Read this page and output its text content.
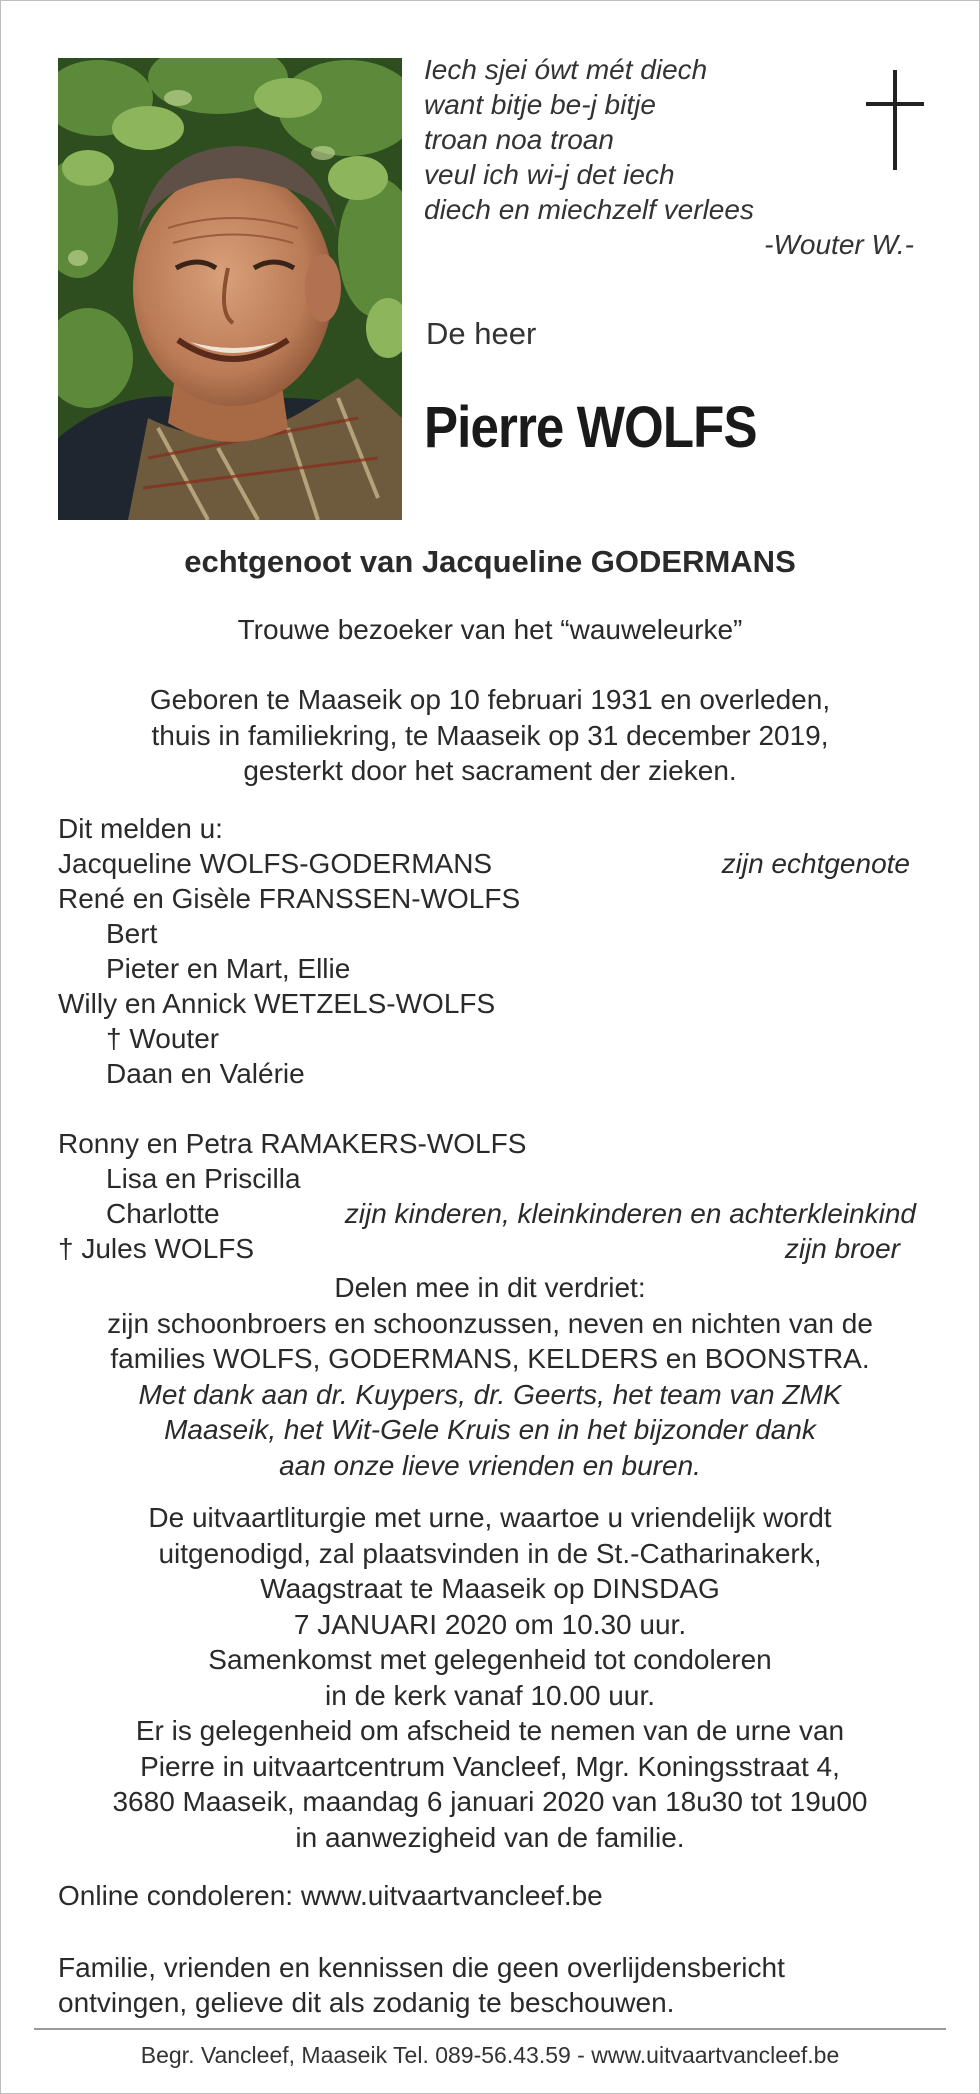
Iech sjei ówt mét diech
want bitje be-j bitje
troan noa troan
veul ich wi-j det iech
diech en miechzelf verlees
-Wouter W.-
De heer
Pierre WOLFS
echtgenoot van Jacqueline GODERMANS
Trouwe bezoeker van het “wauweleurke”
Geboren te Maaseik op 10 februari 1931 en overleden,
thuis in familiekring, te Maaseik op 31 december 2019,
gesterkt door het sacrament der zieken.
Dit melden u:
Jacqueline WOLFS-GODERMANS	zijn echtgenote
René en Gisèle FRANSSEN-WOLFS
Bert
Pieter en Mart, Ellie
Willy en Annick WETZELS-WOLFS
† Wouter
Daan en Valérie
Ronny en Petra RAMAKERS-WOLFS
Lisa en Priscilla
Charlotte	zijn kinderen, kleinkinderen en achterkleinkind
† Jules WOLFS	zijn broer
Delen mee in dit verdriet:
zijn schoonbroers en schoonzussen, neven en nichten van de
families WOLFS, GODERMANS, KELDERS en BOONSTRA.
Met dank aan dr. Kuypers, dr. Geerts, het team van ZMK
Maaseik, het Wit-Gele Kruis en in het bijzonder dank
aan onze lieve vrienden en buren.
De uitvaartliturgie met urne, waartoe u vriendelijk wordt
uitgenodigd, zal plaatsvinden in de St.-Catharinakerk,
Waagstraat te Maaseik op DINSDAG
7 JANUARI 2020 om 10.30 uur.
Samenkomst met gelegenheid tot condoleren
in de kerk vanaf 10.00 uur.
Er is gelegenheid om afscheid te nemen van de urne van
Pierre in uitvaartcentrum Vancleef, Mgr. Koningsstraat 4,
3680 Maaseik, maandag 6 januari 2020 van 18u30 tot 19u00
in aanwezigheid van de familie.
Online condoleren: www.uitvaartvancleef.be
Familie, vrienden en kennissen die geen overlijdensbericht
ontvingen, gelieve dit als zodanig te beschouwen.
Begr. Vancleef, Maaseik Tel. 089-56.43.59 - www.uitvaartvancleef.be
